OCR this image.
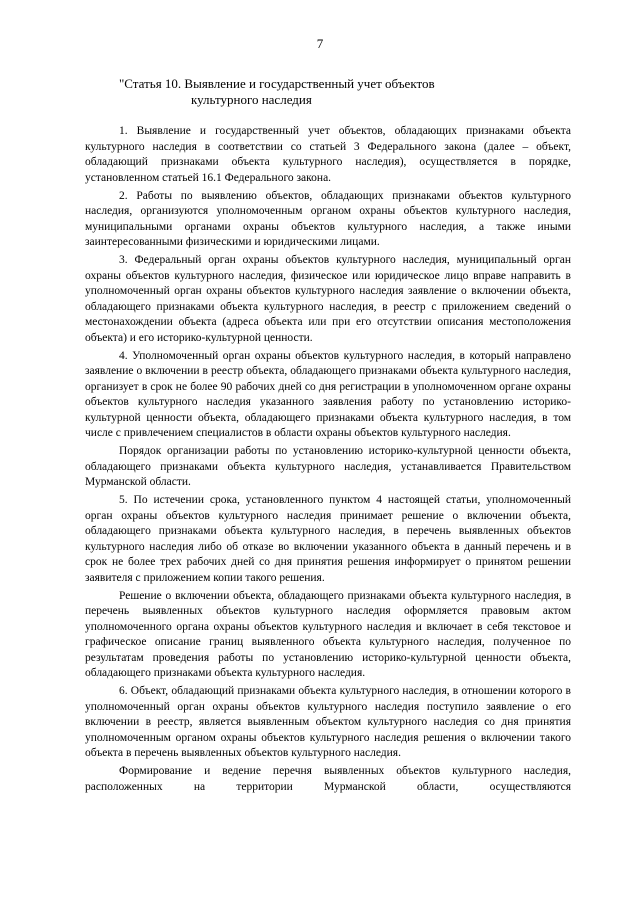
7
"Статья 10. Выявление и государственный учет объектов
культурного наследия

1. Выявление и государственный учет объектов, обладающих признаками объекта культурного наследия в соответствии со статьей 3 Федерального закона (далее – объект, обладающий признаками объекта культурного наследия), осуществляется в порядке, установленном статьей 16.1 Федерального закона.

2. Работы по выявлению объектов, обладающих признаками объектов культурного наследия, организуются уполномоченным органом охраны объектов культурного наследия, муниципальными органами охраны объектов культурного наследия, а также иными заинтересованными физическими и юридическими лицами.

3. Федеральный орган охраны объектов культурного наследия, муниципальный орган охраны объектов культурного наследия, физическое или юридическое лицо вправе направить в уполномоченный орган охраны объектов культурного наследия заявление о включении объекта, обладающего признаками объекта культурного наследия, в реестр с приложением сведений о местонахождении объекта (адреса объекта или при его отсутствии описания местоположения объекта) и его историко-культурной ценности.

4. Уполномоченный орган охраны объектов культурного наследия, в который направлено заявление о включении в реестр объекта, обладающего признаками объекта культурного наследия, организует в срок не более 90 рабочих дней со дня регистрации в уполномоченном органе охраны объектов культурного наследия указанного заявления работу по установлению историко-культурной ценности объекта, обладающего признаками объекта культурного наследия, в том числе с привлечением специалистов в области охраны объектов культурного наследия.

Порядок организации работы по установлению историко-культурной ценности объекта, обладающего признаками объекта культурного наследия, устанавливается Правительством Мурманской области.

5. По истечении срока, установленного пунктом 4 настоящей статьи, уполномоченный орган охраны объектов культурного наследия принимает решение о включении объекта, обладающего признаками объекта культурного наследия, в перечень выявленных объектов культурного наследия либо об отказе во включении указанного объекта в данный перечень и в срок не более трех рабочих дней со дня принятия решения информирует о принятом решении заявителя с приложением копии такого решения.

Решение о включении объекта, обладающего признаками объекта культурного наследия, в перечень выявленных объектов культурного наследия оформляется правовым актом уполномоченного органа охраны объектов культурного наследия и включает в себя текстовое и графическое описание границ выявленного объекта культурного наследия, полученное по результатам проведения работы по установлению историко-культурной ценности объекта, обладающего признаками объекта культурного наследия.

6. Объект, обладающий признаками объекта культурного наследия, в отношении которого в уполномоченный орган охраны объектов культурного наследия поступило заявление о его включении в реестр, является выявленным объектом культурного наследия со дня принятия уполномоченным органом охраны объектов культурного наследия решения о включении такого объекта в перечень выявленных объектов культурного наследия.

Формирование и ведение перечня выявленных объектов культурного наследия, расположенных на территории Мурманской области, осуществляются
